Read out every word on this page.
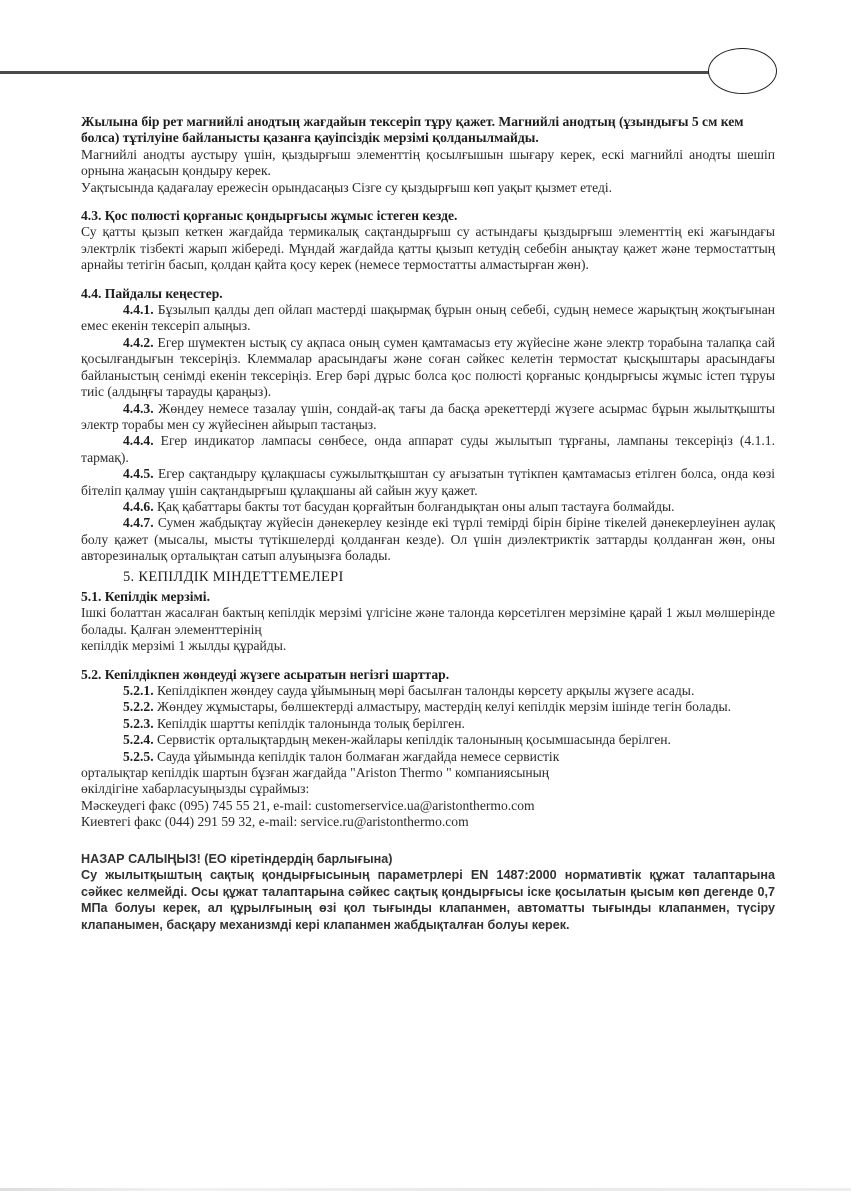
Жылына бір рет магнийлі анодтың жағдайын тексеріп тұру қажет. Магнийлі анодтың (ұзындығы 5 см кем болса) тұтілуіне байланысты қазанға қауіпсіздік мерзімі қолданылмайды.

Магнийлі анодты аустыру үшін, қыздырғыш элементтің қосылғышын шығару керек, ескі магнийлі анодты шешіп орнына жаңасын қондыру керек.

Уақтысында қадағалау ережесін орындасаңыз Сізге су қыздырғыш көп уақыт қызмет етеді.

4.3. Қос полюсті қорғаныс қондырғысы жұмыс істеген кезде.

Су қатты қызып кеткен жағдайда термикалық сақтандырғыш су астындағы қыздырғыш элементтің екі жағындағы электрлік тізбекті жарып жібереді. Мұндай жағдайда қатты қызып кетудің себебін анықтау қажет және термостаттың арнайы тетігін басып, қолдан қайта қосу керек (немесе термостатты алмастырған жөн).

4.4. Пайдалы кеңестер.

4.4.1. Бұзылып қалды деп ойлап мастерді шақырмақ бұрын оның себебі, судың немесе жарықтың жоқтығынан емес екенін тексеріп алыңыз.

4.4.2. Егер шүмектен ыстық су ақпаса оның сумен қамтамасыз ету жүйесіне және электр торабына талапқа сай қосылғандығын тексеріңіз. Клеммалар арасындағы және соған сәйкес келетін термостат қысқыштары арасындағы байланыстың сенімді екенін тексеріңіз. Егер бәрі дұрыс болса қос полюсті қорғаныс қондырғысы жұмыс істеп тұруы тиіс (алдыңғы тарауды қараңыз).

4.4.3. Жөндеу немесе тазалау үшін, сондай-ақ тағы да басқа әрекеттерді жүзеге асырмас бұрын жылытқышты электр торабы мен су жүйесінен айырып тастаңыз.

4.4.4. Егер индикатор лампасы сөнбесе, онда аппарат суды жылытып тұрғаны, лампаны тексеріңіз (4.1.1. тармақ).

4.4.5. Егер сақтандыру құлақшасы сужылытқыштан су ағызатын түтікпен қамтамасыз етілген болса, онда көзі бітеліп қалмау үшін сақтандырғыш құлақшаны ай сайын жуу қажет.

4.4.6. Қақ қабаттары бакты тот басудан қорғайтын болғандықтан оны алып тастауға болмайды.

4.4.7. Сумен жабдықтау жүйесін дәнекерлеу кезінде екі түрлі темірді бірін біріне тікелей дәнекерлеуінен аулақ болу қажет (мысалы, мысты түтікшелерді қолданған кезде). Ол үшін диэлектриктік заттарды қолданған жөн, оны авторезиналық орталықтан сатып алуыңызға болады.

5. КЕПІЛДІК МІНДЕТТЕМЕЛЕРІ

5.1. Кепілдік мерзімі.

Ішкі болаттан жасалған бактың кепілдік мерзімі үлгісіне және талонда көрсетілген мерзіміне қарай 1 жыл мөлшерінде болады. Қалған элементтерінің

кепілдік мерзімі 1 жылды құрайды.

5.2. Кепілдікпен жөндеуді жүзеге асыратын негізгі шарттар.

5.2.1. Кепілдікпен жөндеу сауда ұйымының мөрі басылған талонды көрсету арқылы жүзеге асады.

5.2.2. Жөндеу жұмыстары, бөлшектерді алмастыру, мастердің келуі кепілдік мерзім ішінде тегін болады.

5.2.3. Кепілдік шартты кепілдік талонында толық берілген.

5.2.4. Сервистік орталықтардың мекен-жайлары кепілдік талонының қосымшасында берілген.

5.2.5. Сауда ұйымында кепілдік талон болмаған жағдайда немесе сервистік

орталықтар кепілдік шартын бұзған жағдайда "Ariston Thermo " компаниясының

өкілдігіне хабарласуыңызды сұраймыз:

Мәскеудегі факс (095) 745 55 21, e-mail: customerservice.ua@aristonthermo.com

Киевтегі факс (044) 291 59 32, e-mail: service.ru@aristonthermo.com

НАЗАР САЛЫҢЫЗ! (ЕО кіретіндердің барлығына)

Су жылытқыштың сақтық қондырғысының параметрлері EN 1487:2000 нормативтік құжат талаптарына сәйкес келмейді. Осы құжат талаптарына сәйкес сақтық қондырғысы іске қосылатын қысым көп дегенде 0,7 МПа болуы керек, ал құрылғының өзі қол тығынды клапанмен, автоматты тығынды клапанмен, түсіру клапанымен, басқару механизмді кері клапанмен жабдықталған болуы керек.
